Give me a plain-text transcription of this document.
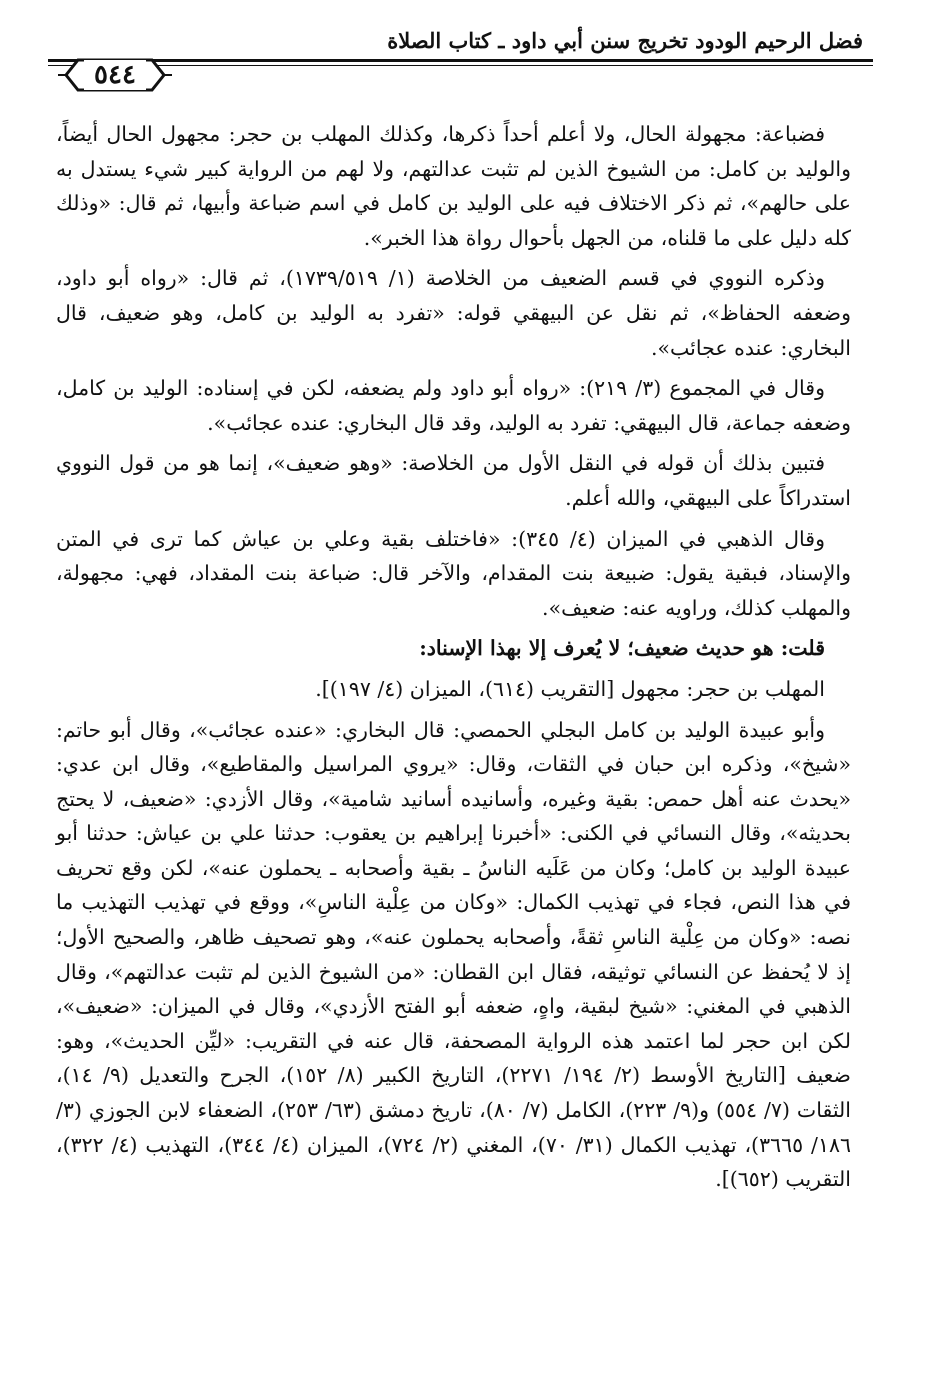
فضل الرحيم الودود تخريج سنن أبي داود ـ كتاب الصلاة
٥٤٤

فضباعة: مجهولة الحال، ولا أعلم أحداً ذكرها، وكذلك المهلب بن حجر: مجهول الحال أيضاً، والوليد بن كامل: من الشيوخ الذين لم تثبت عدالتهم، ولا لهم من الرواية كبير شيء يستدل به على حالهم»، ثم ذكر الاختلاف فيه على الوليد بن كامل في اسم ضباعة وأبيها، ثم قال: «وذلك كله دليل على ما قلناه، من الجهل بأحوال رواة هذا الخبر».

وذكره النووي في قسم الضعيف من الخلاصة (١/ ١٧٣٩/٥١٩)، ثم قال: «رواه أبو داود، وضعفه الحفاظ»، ثم نقل عن البيهقي قوله: «تفرد به الوليد بن كامل، وهو ضعيف، قال البخاري: عنده عجائب».

وقال في المجموع (٣/ ٢١٩): «رواه أبو داود ولم يضعفه، لكن في إسناده: الوليد بن كامل، وضعفه جماعة، قال البيهقي: تفرد به الوليد، وقد قال البخاري: عنده عجائب».

فتبين بذلك أن قوله في النقل الأول من الخلاصة: «وهو ضعيف»، إنما هو من قول النووي استدراكاً على البيهقي، والله أعلم.

وقال الذهبي في الميزان (٤/ ٣٤٥): «فاختلف بقية وعلي بن عياش كما ترى في المتن والإسناد، فبقية يقول: ضبيعة بنت المقدام، والآخر قال: ضباعة بنت المقداد، فهي: مجهولة، والمهلب كذلك، وراويه عنه: ضعيف».

قلت: هو حديث ضعيف؛ لا يُعرف إلا بهذا الإسناد:

المهلب بن حجر: مجهول [التقريب (٦١٤)، الميزان (٤/ ١٩٧)].

وأبو عبيدة الوليد بن كامل البجلي الحمصي: قال البخاري: «عنده عجائب»، وقال أبو حاتم: «شيخ»، وذكره ابن حبان في الثقات، وقال: «يروي المراسيل والمقاطيع»، وقال ابن عدي: «يحدث عنه أهل حمص: بقية وغيره، وأسانيده أسانيد شامية»، وقال الأزدي: «ضعيف، لا يحتج بحديثه»، وقال النسائي في الكنى: «أخبرنا إبراهيم بن يعقوب: حدثنا علي بن عياش: حدثنا أبو عبيدة الوليد بن كامل؛ وكان من عَلَيه الناسُ ـ بقية وأصحابه ـ يحملون عنه»، لكن وقع تحريف في هذا النص، فجاء في تهذيب الكمال: «وكان من عِلْية الناسِ»، ووقع في تهذيب التهذيب ما نصه: «وكان من عِلْية الناسِ ثقةً، وأصحابه يحملون عنه»، وهو تصحيف ظاهر، والصحيح الأول؛ إذ لا يُحفظ عن النسائي توثيقه، فقال ابن القطان: «من الشيوخ الذين لم تثبت عدالتهم»، وقال الذهبي في المغني: «شيخ لبقية، واهٍ، ضعفه أبو الفتح الأزدي»، وقال في الميزان: «ضعيف»، لكن ابن حجر لما اعتمد هذه الرواية المصحفة، قال عنه في التقريب: «ليِّن الحديث»، وهو: ضعيف [التاريخ الأوسط (٢/ ١٩٤/ ٢٢٧١)، التاريخ الكبير (٨/ ١٥٢)، الجرح والتعديل (٩/ ١٤)، الثقات (٧/ ٥٥٤) و(٩/ ٢٢٣)، الكامل (٧/ ٨٠)، تاريخ دمشق (٦٣/ ٢٥٣)، الضعفاء لابن الجوزي (٣/ ١٨٦/ ٣٦٦٥)، تهذيب الكمال (٣١/ ٧٠)، المغني (٢/ ٧٢٤)، الميزان (٤/ ٣٤٤)، التهذيب (٤/ ٣٢٢)، التقريب (٦٥٢)].
